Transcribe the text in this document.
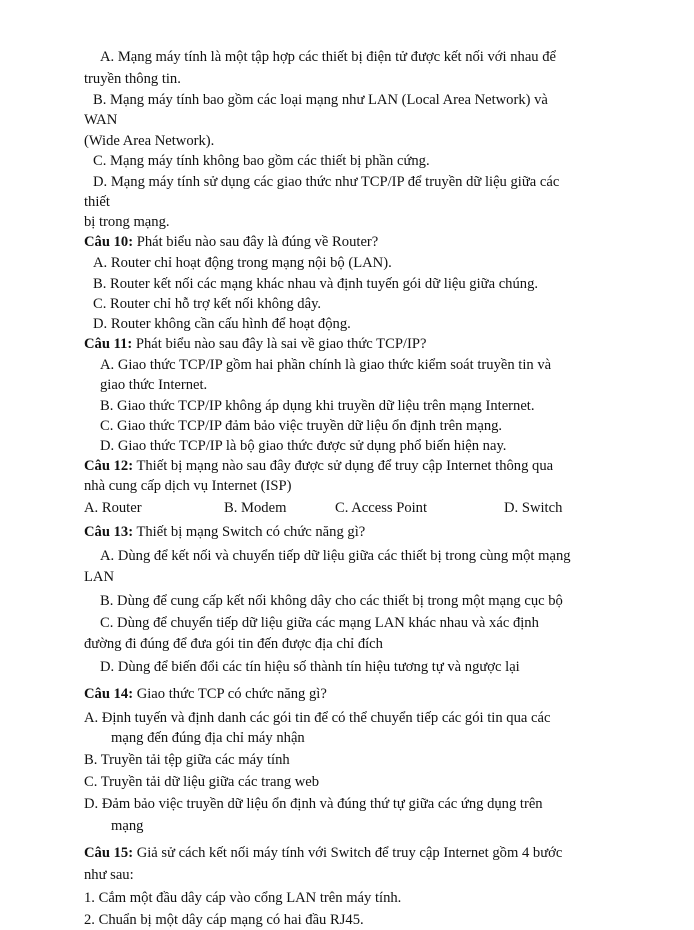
A. Mạng máy tính là một tập hợp các thiết bị điện tử được kết nối với nhau để
truyền thông tin.
B. Mạng máy tính bao gồm các loại mạng như LAN (Local Area Network) và
WAN
(Wide Area Network).
C. Mạng máy tính không bao gồm các thiết bị phần cứng.
D. Mạng máy tính sử dụng các giao thức như TCP/IP để truyền dữ liệu giữa các
thiết
bị trong mạng.
Câu 10: Phát biểu nào sau đây là đúng về Router?
A. Router chỉ hoạt động trong mạng nội bộ (LAN).
B. Router kết nối các mạng khác nhau và định tuyến gói dữ liệu giữa chúng.
C. Router chỉ hỗ trợ kết nối không dây.
D. Router không cần cấu hình để hoạt động.
Câu 11: Phát biểu nào sau đây là sai về giao thức TCP/IP?
A. Giao thức TCP/IP gồm hai phần chính là giao thức kiểm soát truyền tin và
giao thức Internet.
B. Giao thức TCP/IP không áp dụng khi truyền dữ liệu trên mạng Internet.
C. Giao thức TCP/IP đảm bảo việc truyền dữ liệu ổn định trên mạng.
D. Giao thức TCP/IP là bộ giao thức được sử dụng phổ biến hiện nay.
Câu 12: Thiết bị mạng nào sau đây được sử dụng để truy cập Internet thông qua
nhà cung cấp dịch vụ Internet (ISP)
Câu 13: Thiết bị mạng Switch có chức năng gì?
A. Dùng để kết nối và chuyển tiếp dữ liệu giữa các thiết bị trong cùng một mạng
LAN
B. Dùng để cung cấp kết nối không dây cho các thiết bị trong một mạng cục bộ
C. Dùng để chuyển tiếp dữ liệu giữa các mạng LAN khác nhau và xác định
đường đi đúng để đưa gói tin đến được địa chỉ đích
D. Dùng để biến đổi các tín hiệu số thành tín hiệu tương tự và ngược lại
Câu 14: Giao thức TCP có chức năng gì?
A. Định tuyến và định danh các gói tin để có thể chuyển tiếp các gói tin qua các
mạng đến đúng địa chỉ máy nhận
B. Truyền tải tệp giữa các máy tính
C. Truyền tải dữ liệu giữa các trang web
D. Đảm bảo việc truyền dữ liệu ổn định và đúng thứ tự giữa các ứng dụng trên
mạng
Câu 15: Giả sử cách kết nối máy tính với Switch để truy cập Internet gồm 4 bước
như sau:
1. Cắm một đầu dây cáp vào cổng LAN trên máy tính.
2. Chuẩn bị một dây cáp mạng có hai đầu RJ45.
A. Router	B. Modem	C. Access Point	D. Switch
